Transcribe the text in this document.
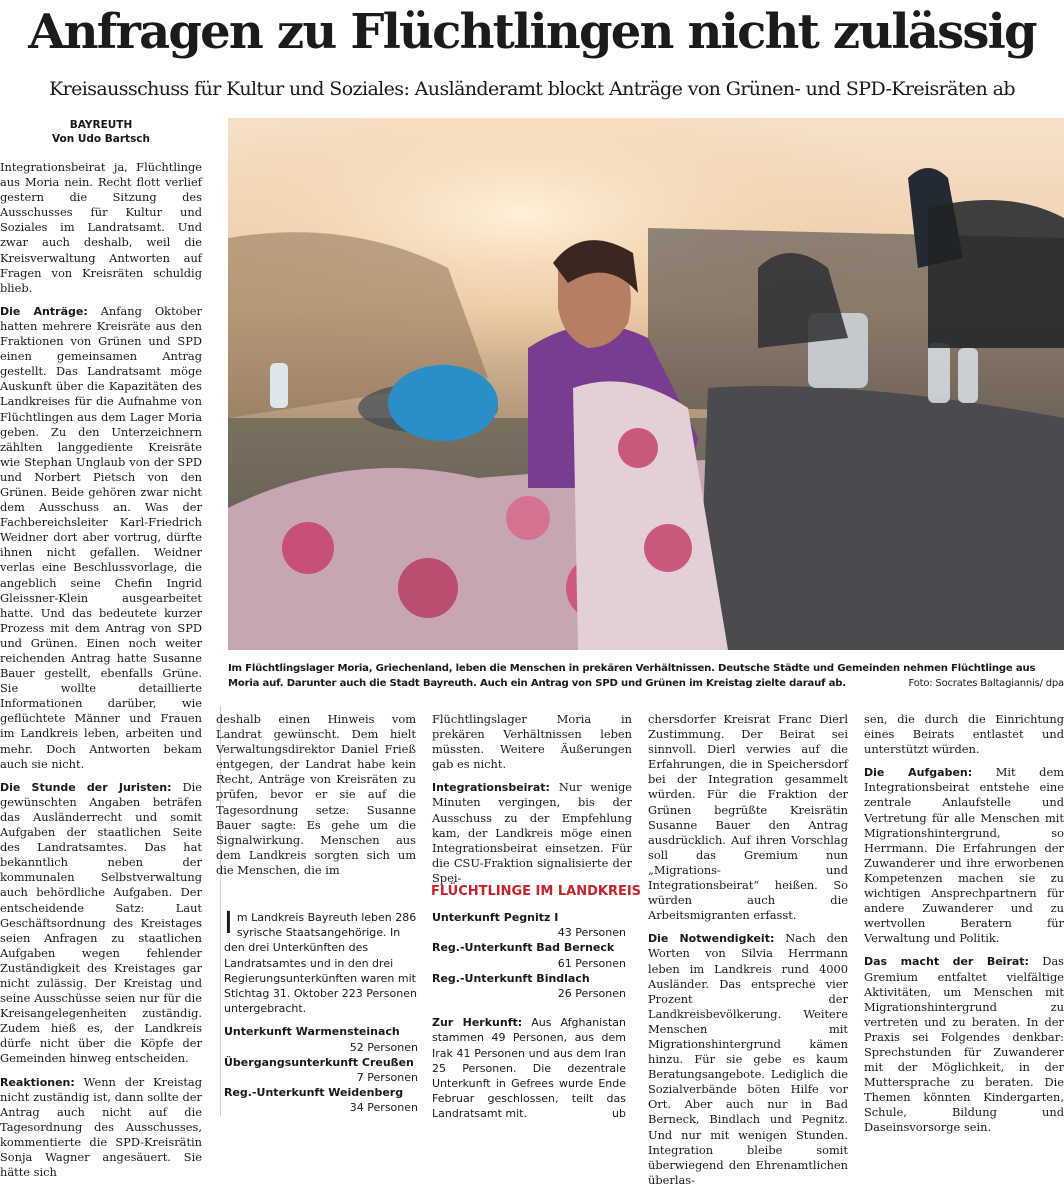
Anfragen zu Flüchtlingen nicht zulässig
Kreisausschuss für Kultur und Soziales: Ausländeramt blockt Anträge von Grünen- und SPD-Kreisräten ab
BAYREUTH
Von Udo Bartsch

Integrationsbeirat ja, Flüchtlinge aus Moria nein. Recht flott verlief gestern die Sitzung des Ausschusses für Kultur und Soziales im Landratsamt. Und zwar auch deshalb, weil die Kreisverwaltung Antworten auf Fragen von Kreisräten schuldig blieb.

Die Anträge: Anfang Oktober hatten mehrere Kreisräte aus den Fraktionen von Grünen und SPD einen gemeinsamen Antrag gestellt. Das Landratsamt möge Auskunft über die Kapazitäten des Landkreises für die Aufnahme von Flüchtlingen aus dem Lager Moria geben. Zu den Unterzeichnern zählten langgediente Kreisräte wie Stephan Unglaub von der SPD und Norbert Pietsch von den Grünen. Beide gehören zwar nicht dem Ausschuss an. Was der Fachbereichsleiter Karl-Friedrich Weidner dort aber vortrug, dürfte ihnen nicht gefallen. Weidner verlas eine Beschlussvorlage, die angeblich seine Chefin Ingrid Gleissner-Klein ausgearbeitet hatte. Und das bedeutete kurzer Prozess mit dem Antrag von SPD und Grünen. Einen noch weiter reichenden Antrag hatte Susanne Bauer gestellt, ebenfalls Grüne. Sie wollte detaillierte Informationen darüber, wie geflüchtete Männer und Frauen im Landkreis leben, arbeiten und mehr. Doch Antworten bekam auch sie nicht.

Die Stunde der Juristen: Die gewünschten Angaben beträfen das Ausländerrecht und somit Aufgaben der staatlichen Seite des Landratsamtes. Das hat bekanntlich neben der kommunalen Selbstverwaltung auch behördliche Aufgaben. Der entscheidende Satz: Laut Geschäftsordnung des Kreistages seien Anfragen zu staatlichen Aufgaben wegen fehlender Zuständigkeit des Kreistages gar nicht zulässig. Der Kreistag und seine Ausschüsse seien nur für die Kreisangelegenheiten zuständig. Zudem hieß es, der Landkreis dürfe nicht über die Köpfe der Gemeinden hinweg entscheiden.

Reaktionen: Wenn der Kreistag nicht zuständig ist, dann sollte der Antrag auch nicht auf die Tagesordnung des Ausschusses, kommentierte die SPD-Kreisrätin Sonja Wagner angesäuert. Sie hätte sich

Im Flüchtlingslager Moria, Griechenland, leben die Menschen in prekären Verhältnissen. Deutsche Städte und Gemeinden nehmen Flüchtlinge aus Moria auf. Darunter auch die Stadt Bayreuth. Auch ein Antrag von SPD und Grünen im Kreistag zielte darauf ab.	Foto: Socrates Baltagiannis/ dpa

deshalb einen Hinweis vom Landrat gewünscht. Dem hielt Verwaltungsdirektor Daniel Frieß entgegen, der Landrat habe kein Recht, Anträge von Kreisräten zu prüfen, bevor er sie auf die Tagesordnung setze. Susanne Bauer sagte: Es gehe um die Signalwirkung. Menschen aus dem Landkreis sorgten sich um die Menschen, die im

Flüchtlingslager Moria in prekären Verhältnissen leben müssten. Weitere Äußerungen gab es nicht.

Integrationsbeirat: Nur wenige Minuten vergingen, bis der Ausschuss zu der Empfehlung kam, der Landkreis möge einen Integrationsbeirat einsetzen. Für die CSU-Fraktion signalisierte der Spei-

FLÜCHTLINGE IM LANDKREIS

Im Landkreis Bayreuth leben 286 syrische Staatsangehörige. In den drei Unterkünften des Landratsamtes und in den drei Regierungsunterkünften waren mit Stichtag 31. Oktober 223 Personen untergebracht.

Unterkunft Warmensteinach

52 Personen

Übergangsunterkunft Creußen

7 Personen

Reg.-Unterkunft Weidenberg

34 Personen

Unterkunft Pegnitz I

43 Personen

Reg.-Unterkunft Bad Berneck

61 Personen

Reg.-Unterkunft Bindlach

26 Personen

Zur Herkunft: Aus Afghanistan stammen 49 Personen, aus dem Irak 41 Personen und aus dem Iran 25 Personen. Die dezentrale Unterkunft in Gefrees wurde Ende Februar geschlossen, teilt das Landratsamt mit.	ub

chersdorfer Kreisrat Franc Dierl Zustimmung. Der Beirat sei sinnvoll. Dierl verwies auf die Erfahrungen, die in Speichersdorf bei der Integration gesammelt würden. Für die Fraktion der Grünen begrüßte Kreisrätin Susanne Bauer den Antrag ausdrücklich. Auf ihren Vorschlag soll das Gremium nun „Migrations- und Integrationsbeirat“ heißen. So würden auch die Arbeitsmigranten erfasst.

Die Notwendigkeit: Nach den Worten von Silvia Herrmann leben im Landkreis rund 4000 Ausländer. Das entspreche vier Prozent der Landkreisbevölkerung. Weitere Menschen mit Migrationshintergrund kämen hinzu. Für sie gebe es kaum Beratungsangebote. Lediglich die Sozialverbände böten Hilfe vor Ort. Aber auch nur in Bad Berneck, Bindlach und Pegnitz. Und nur mit wenigen Stunden. Integration bleibe somit überwiegend den Ehrenamtlichen überlas-

sen, die durch die Einrichtung eines Beirats entlastet und unterstützt würden.

Die Aufgaben: Mit dem Integrationsbeirat entstehe eine zentrale Anlaufstelle und Vertretung für alle Menschen mit Migrationshintergrund, so Herrmann. Die Erfahrungen der Zuwanderer und ihre erworbenen Kompetenzen machen sie zu wichtigen Ansprechpartnern für andere Zuwanderer und zu wertvollen Beratern für Verwaltung und Politik.

Das macht der Beirat: Das Gremium entfaltet vielfältige Aktivitäten, um Menschen mit Migrationshintergrund zu vertreten und zu beraten. In der Praxis sei Folgendes denkbar: Sprechstunden für Zuwanderer mit der Möglichkeit, in der Muttersprache zu beraten. Die Themen könnten Kindergarten, Schule, Bildung und Daseinsvorsorge sein.
